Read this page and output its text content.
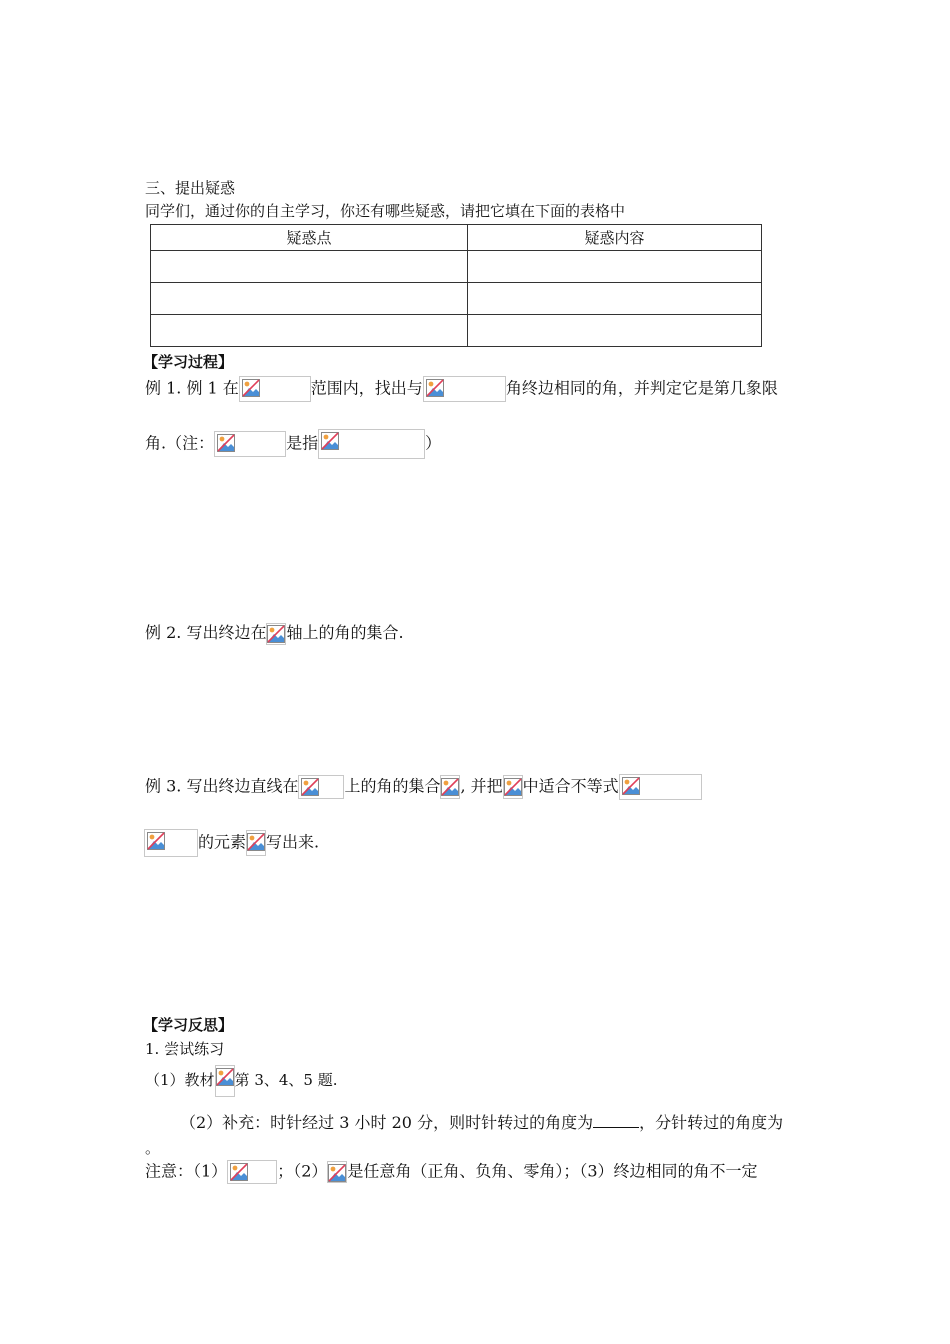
三、提出疑惑
同学们，通过你的自主学习，你还有哪些疑惑，请把它填在下面的表格中
疑惑点	疑惑内容

【学习过程】
例 1. 例 1 在	范围内，找出与	角终边相同的角，并判定它是第几象限
角.（注：	是指	）
例 2. 写出终边在 轴上的角的集合.
例 3. 写出终边直线在	上的角的集合 , 并把 中适合不等式
的元素 写出来.
【学习反思】
1. 尝试练习
（1）教材 第 3、4、5 题.
（2）补充：时针经过 3 小时 20 分，则时针转过的角度为	，分针转过的角度为
。
注意：（1）	；（2） 是任意角（正角、负角、零角）；（3）终边相同的角不一定
